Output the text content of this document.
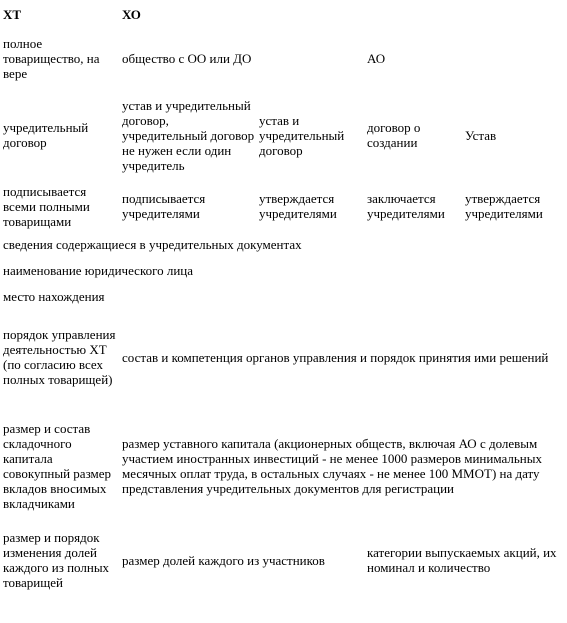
ХТ	ХО			
полное товарищество, на вере	общество с ОО или ДО		АО	
учредительный договор	устав и учредительный договор, учредительный договор не нужен если один учредитель	устав и учредительный договор	договор о создании	Устав
подписывается всеми полными товарищами	подписывается учредителями	утверждается учредителями	заключается учредителями	утверждается учредителями
сведения содержащиеся в учредительных документах				
наименование юридического лица				
место нахождения				
порядок управления деятельностью ХТ (по согласию всех полных товарищей)	состав и компетенция органов управления и порядок принятия ими решений			
размер и состав складочного капитала совокупный размер вкладов вносимых вкладчиками	размер уставного капитала (акционерных обществ, включая АО с долевым участием иностранных инвестиций - не менее 1000 размеров минимальных месячных оплат труда, в остальных случаях - не менее 100 ММОТ) на дату представления учредительных документов для регистрации			
размер и порядок изменения долей каждого из полных товарищей	размер долей каждого из участников		категории выпускаемых акций, их номинал и количество	
